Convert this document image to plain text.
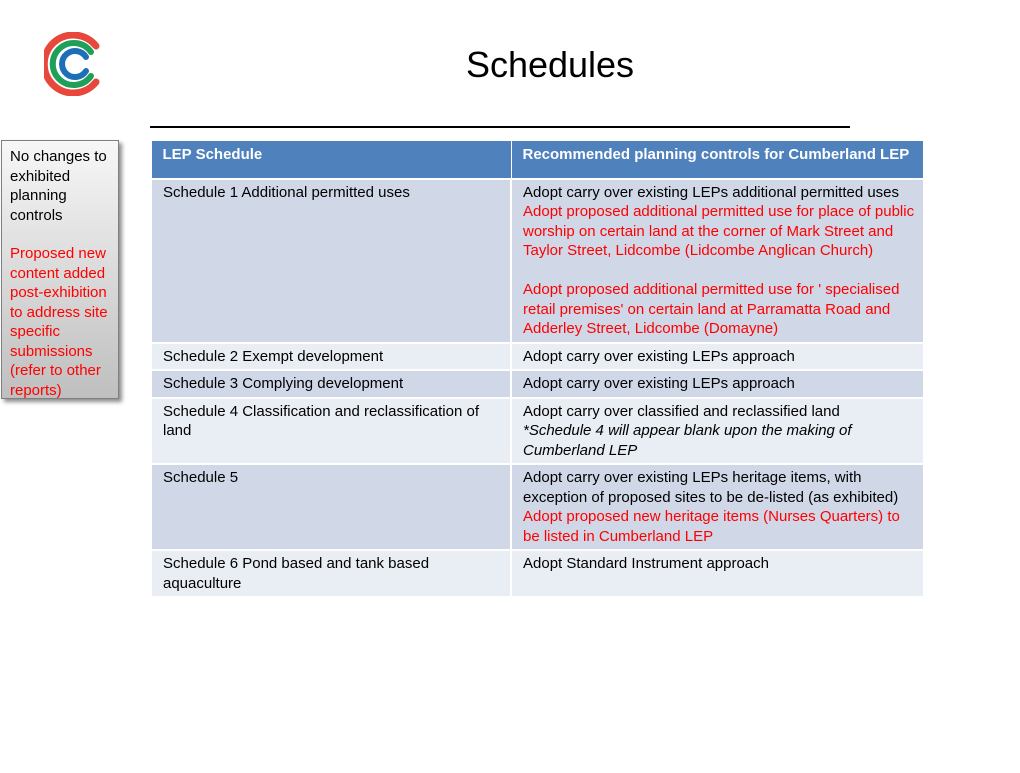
Schedules
No changes to exhibited planning controls
Proposed new content added post-exhibition to address site specific submissions (refer to other reports)
LEP Schedule	Recommended planning controls for Cumberland LEP
Schedule 1 Additional permitted uses	Adopt carry over existing LEPs additional permitted uses
Adopt proposed additional permitted use for place of public worship on certain land at the corner of Mark Street and Taylor Street, Lidcombe (Lidcombe Anglican Church)
Adopt proposed additional permitted use for ' specialised retail premises' on certain land at Parramatta Road and Adderley Street, Lidcombe (Domayne)

Schedule 2 Exempt development	Adopt carry over existing LEPs approach

Schedule 3 Complying development	Adopt carry over existing LEPs approach

Schedule 4 Classification and reclassification of land	Adopt carry over classified and reclassified land
*Schedule 4 will appear blank upon the making of Cumberland LEP

Schedule 5	Adopt carry over existing LEPs heritage items, with exception of proposed sites to be de-listed (as exhibited)
Adopt proposed new heritage items (Nurses Quarters) to be listed in Cumberland LEP

Schedule 6 Pond based and tank based aquaculture	Adopt Standard Instrument approach
